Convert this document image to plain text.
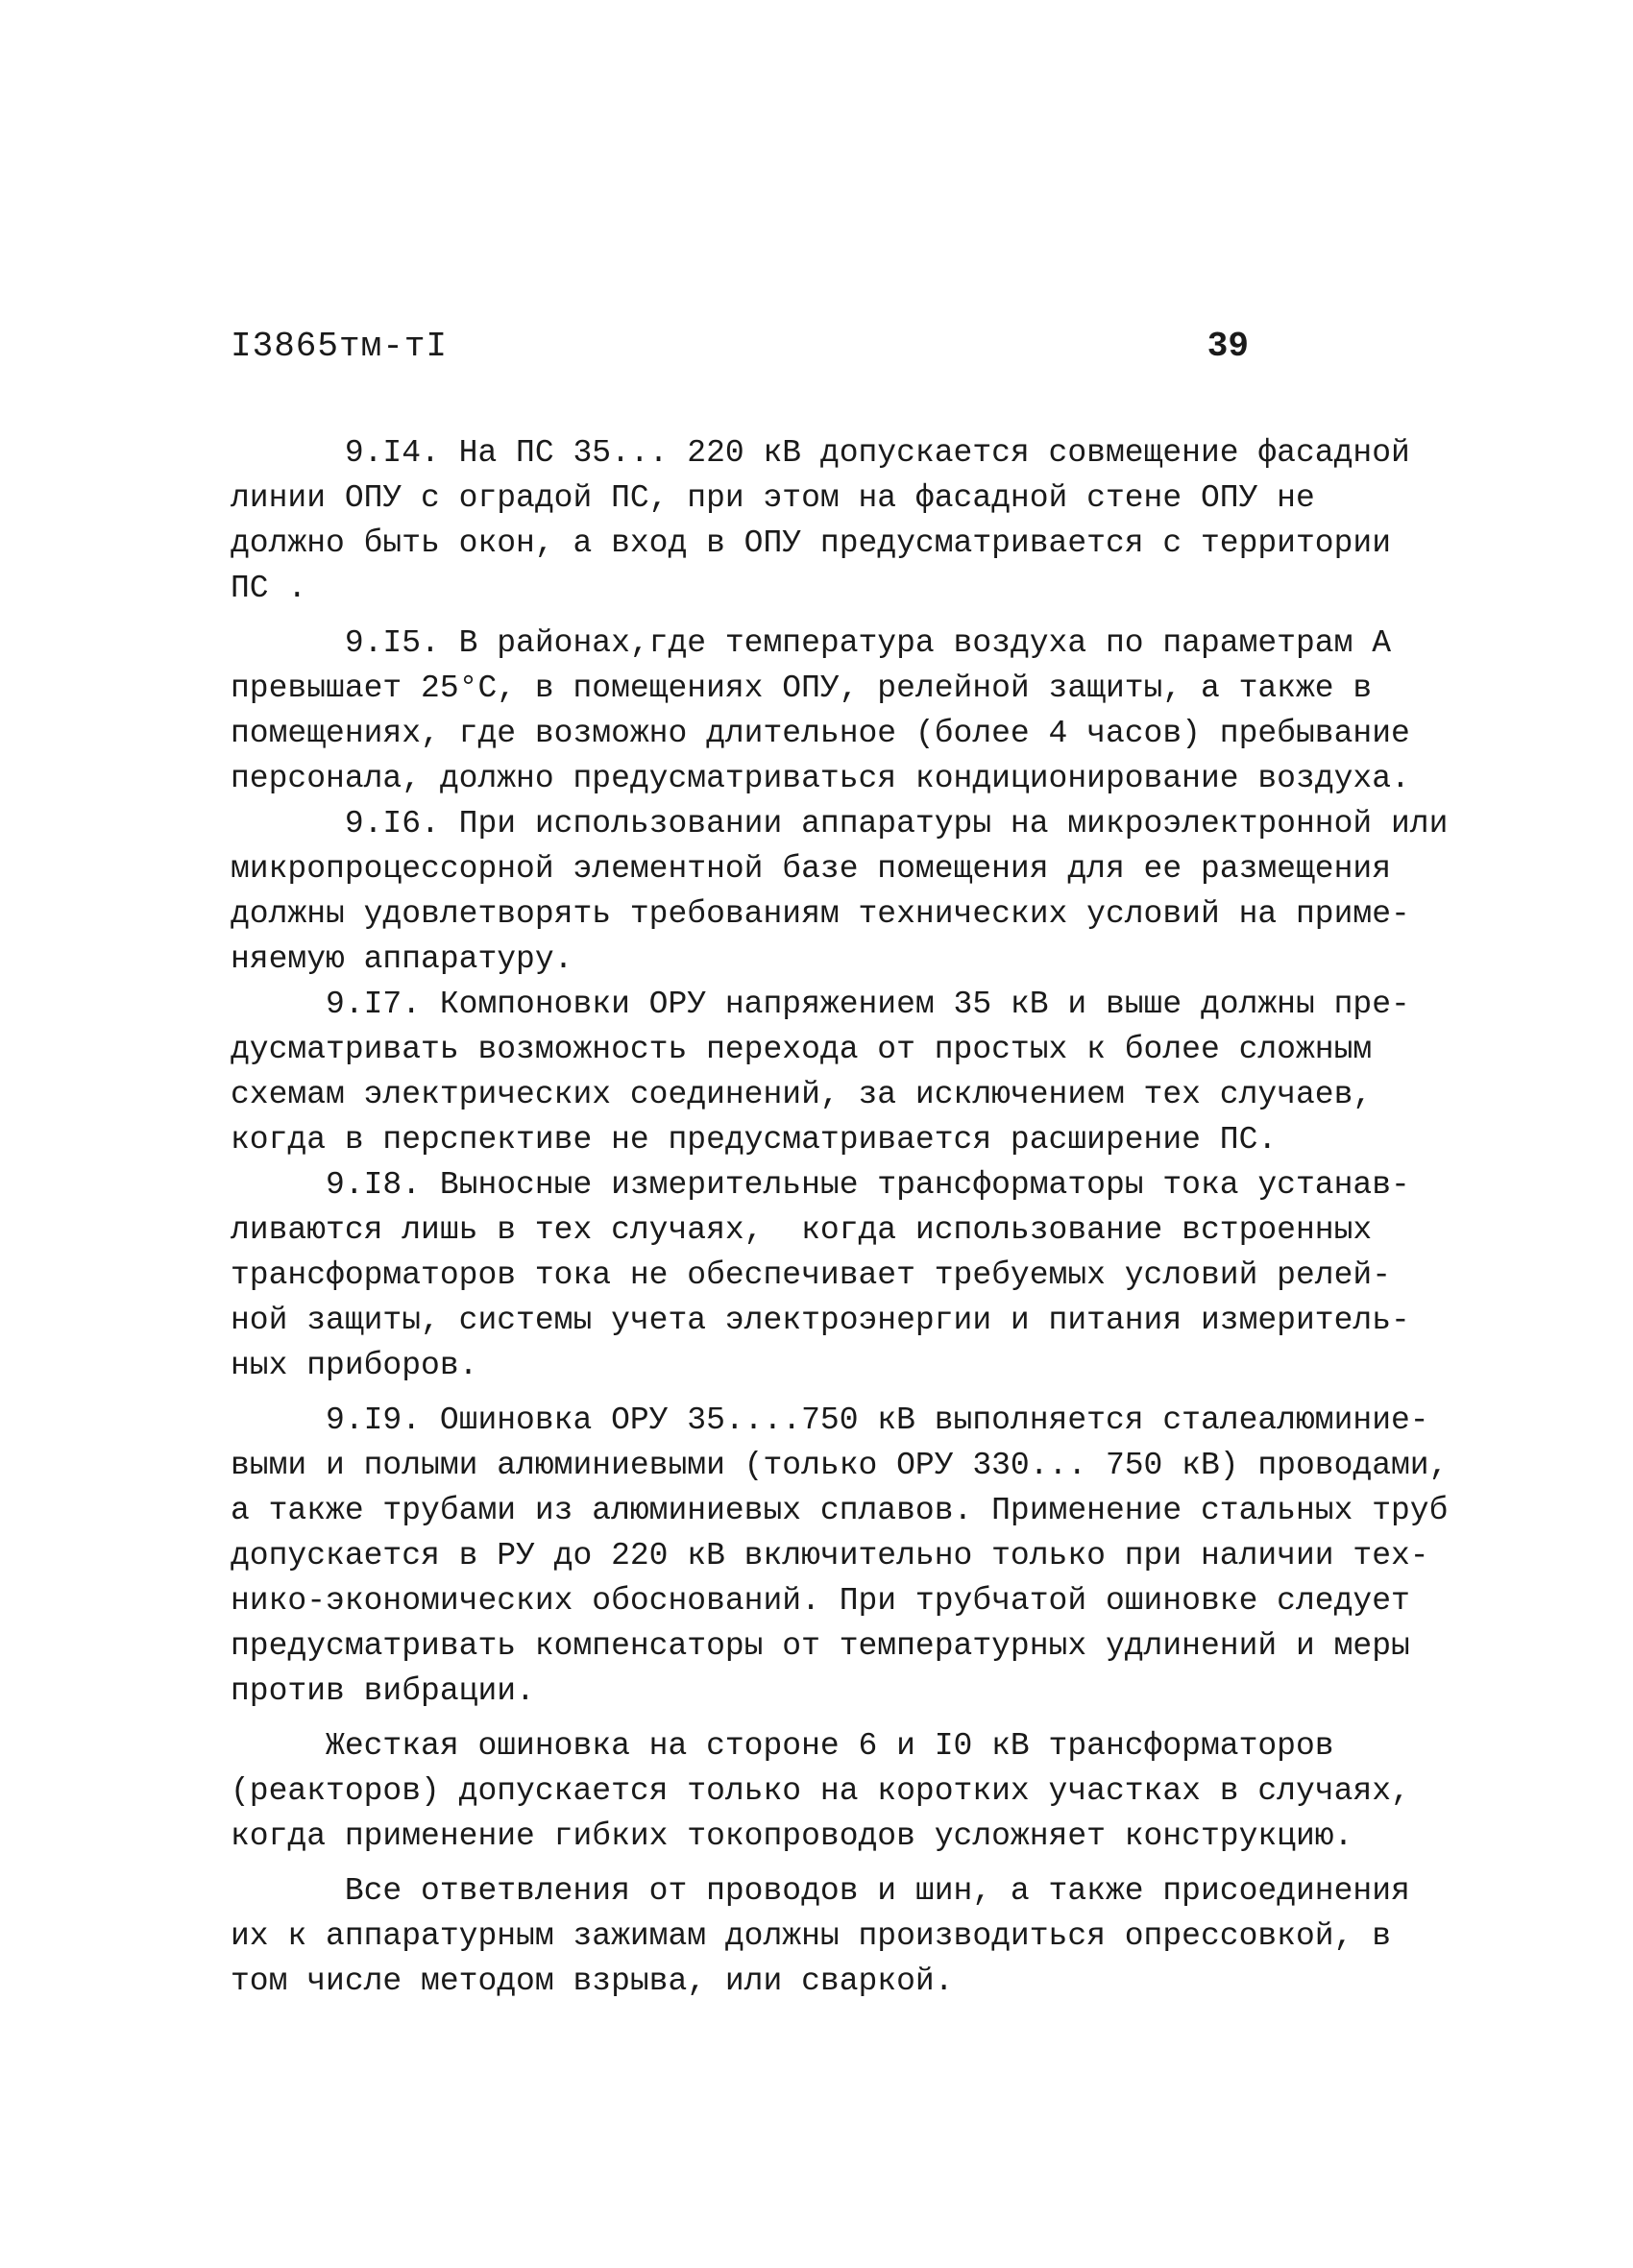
I3865тм-тI	39
9.I4. На ПС 35... 220 кВ допускается совмещение фасадной
линии ОПУ с оградой ПС, при этом на фасадной стене ОПУ не
должно быть окон, а вход в ОПУ предусматривается с территории
ПС .
9.I5. В районах,где температура воздуха по параметрам А
превышает 25°С, в помещениях ОПУ, релейной защиты, а также в
помещениях, где возможно длительное (более 4 часов) пребывание
персонала, должно предусматриваться кондиционирование воздуха.
9.I6. При использовании аппаратуры на микроэлектронной или
микропроцессорной элементной базе помещения для ее размещения
должны удовлетворять требованиям технических условий на приме-
няемую аппаратуру.
9.I7. Компоновки ОРУ напряжением 35 кВ и выше должны пре-
дусматривать возможность перехода от простых к более сложным
схемам электрических соединений, за исключением тех случаев,
когда в перспективе не предусматривается расширение ПС.
9.I8. Выносные измерительные трансформаторы тока устанав-
ливаются лишь в тех случаях,  когда использование встроенных
трансформаторов тока не обеспечивает требуемых условий релей-
ной защиты, системы учета электроэнергии и питания измеритель-
ных приборов.
9.I9. Ошиновка ОРУ 35....750 кВ выполняется сталеалюминие-
выми и полыми алюминиевыми (только ОРУ 330... 750 кВ) проводами,
а также трубами из алюминиевых сплавов. Применение стальных труб
допускается в РУ до 220 кВ включительно только при наличии тех-
нико-экономических обоснований. При трубчатой ошиновке следует
предусматривать компенсаторы от температурных удлинений и меры
против вибрации.
Жесткая ошиновка на стороне 6 и I0 кВ трансформаторов
(реакторов) допускается только на коротких участках в случаях,
когда применение гибких токопроводов усложняет конструкцию.
Все ответвления от проводов и шин, а также присоединения
их к аппаратурным зажимам должны производиться опрессовкой, в
том числе методом взрыва, или сваркой.
